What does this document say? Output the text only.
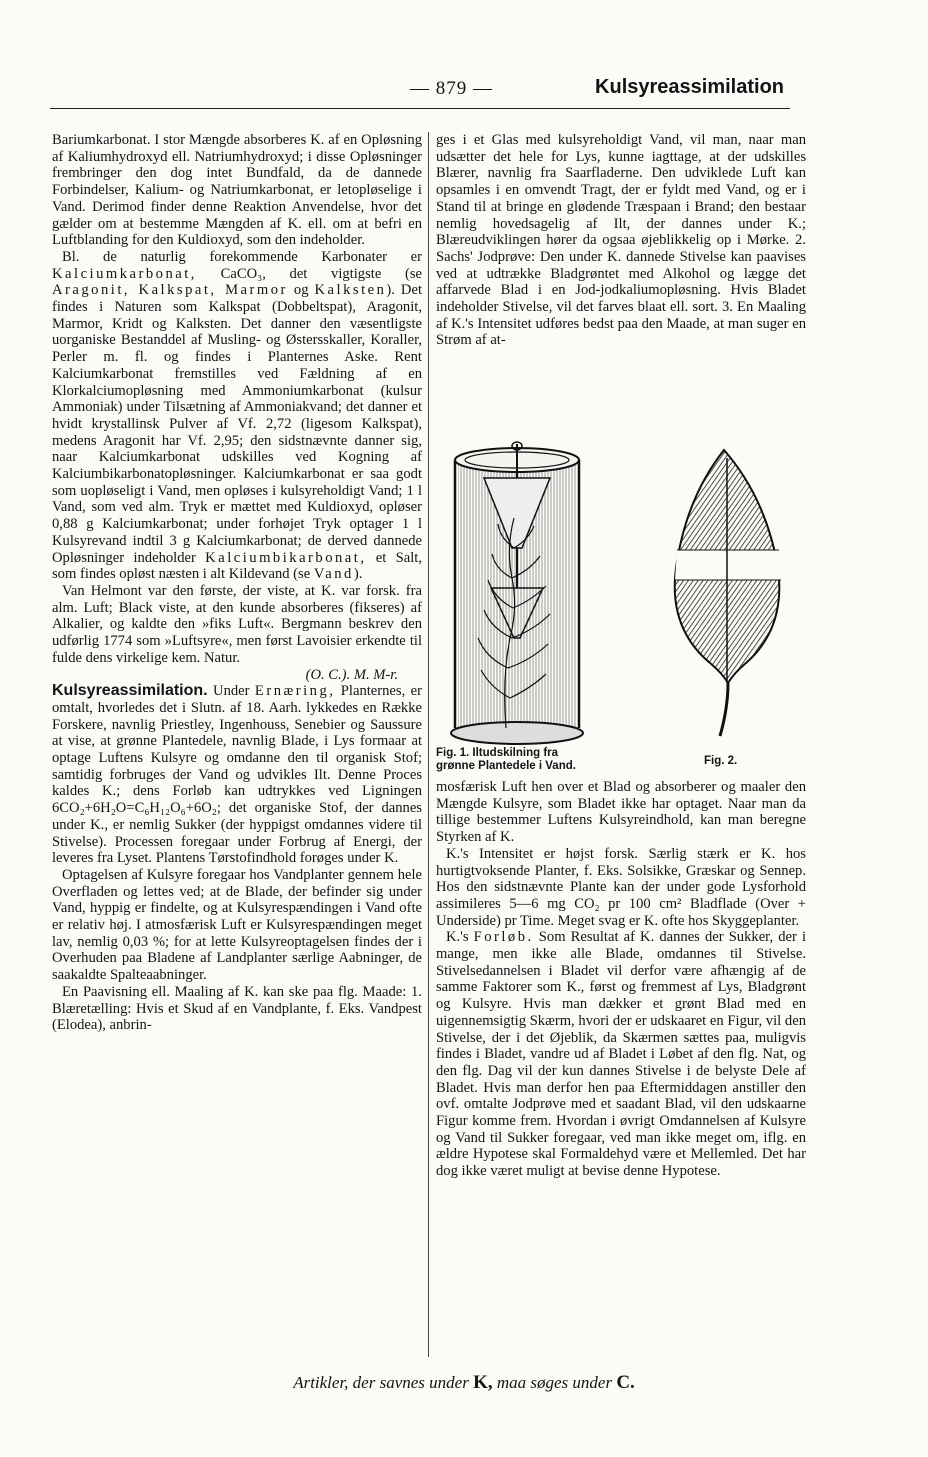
— 879 —	Kulsyreassimilation

Bariumkarbonat. I stor Mængde absorberes K. af en Opløsning af Kaliumhydroxyd ell. Natriumhydroxyd; i disse Opløsninger frembringer den dog intet Bundfald, da de dannede Forbindelser, Kalium- og Natriumkarbonat, er letopløselige i Vand. Derimod finder denne Reaktion Anvendelse, hvor det gælder om at bestemme Mængden af K. ell. om at befri en Luftblanding for den Kuldioxyd, som den indeholder.

Bl. de naturlig forekommende Karbonater er Kalciumkarbonat, CaCO₃, det vigtigste (se Aragonit, Kalkspat, Marmor og Kalksten). Det findes i Naturen som Kalkspat (Dobbeltspat), Aragonit, Marmor, Kridt og Kalksten. Det danner den væsentligste uorganiske Bestanddel af Musling- og Østersskaller, Koraller, Perler m. fl. og findes i Planternes Aske. Rent Kalciumkarbonat fremstilles ved Fældning af en Klorkalciumopløsning med Ammoniumkarbonat (kulsur Ammoniak) under Tilsætning af Ammoniakvand; det danner et hvidt krystallinsk Pulver af Vf. 2,72 (ligesom Kalkspat), medens Aragonit har Vf. 2,95; den sidstnævnte danner sig, naar Kalciumkarbonat udskilles ved Kogning af Kalciumbikarbonatopløsninger. Kalciumkarbonat er saa godt som uopløseligt i Vand, men opløses i kulsyreholdigt Vand; 1 l Vand, som ved alm. Tryk er mættet med Kuldioxyd, opløser 0,88 g Kalciumkarbonat; under forhøjet Tryk optager 1 l Kulsyrevand indtil 3 g Kalciumkarbonat; de derved dannede Opløsninger indeholder Kalciumbikarbonat, et Salt, som findes opløst næsten i alt Kildevand (se Vand).

Van Helmont var den første, der viste, at K. var forsk. fra alm. Luft; Black viste, at den kunde absorberes (fikseres) af Alkalier, og kaldte den »fiks Luft«. Bergmann beskrev den udførlig 1774 som »Luftsyre«, men først Lavoisier erkendte til fulde dens virkelige kem. Natur.

(O. C.). M. M-r.

Kulsyreassimilation. Under Ernæring, Planternes, er omtalt, hvorledes det i Slutn. af 18. Aarh. lykkedes en Række Forskere, navnlig Priestley, Ingenhouss, Senebier og Saussure at vise, at grønne Plantedele, navnlig Blade, i Lys formaar at optage Luftens Kulsyre og omdanne den til organisk Stof; samtidig forbruges der Vand og udvikles Ilt. Denne Proces kaldes K.; dens Forløb kan udtrykkes ved Ligningen 6CO₂+6H₂O=C₆H₁₂O₆+6O₂; det organiske Stof, der dannes under K., er nemlig Sukker (der hyppigst omdannes videre til Stivelse). Processen foregaar under Forbrug af Energi, der leveres fra Lyset. Plantens Tørstofindhold forøges under K.

Optagelsen af Kulsyre foregaar hos Vandplanter gennem hele Overfladen og lettes ved; at de Blade, der befinder sig under Vand, hyppig er findelte, og at Kulsyrespændingen i Vand ofte er relativ høj. I atmosfærisk Luft er Kulsyrespændingen meget lav, nemlig 0,03 %; for at lette Kulsyreoptagelsen findes der i Overhuden paa Bladene af Landplanter særlige Aabninger, de saakaldte Spalteaabninger.

En Paavisning ell. Maaling af K. kan ske paa flg. Maade: 1. Blæretælling: Hvis et Skud af en Vandplante, f. Eks. Vandpest (Elodea), anbrin-

ges i et Glas med kulsyreholdigt Vand, vil man, naar man udsætter det hele for Lys, kunne iagttage, at der udskilles Blærer, navnlig fra Saarfladerne. Den udviklede Luft kan opsamles i en omvendt Tragt, der er fyldt med Vand, og er i Stand til at bringe en glødende Træspaan i Brand; den bestaar nemlig hovedsagelig af Ilt, der dannes under K.; Blæreudviklingen hører da ogsaa øjeblikkelig op i Mørke. 2. Sachs' Jodprøve: Den under K. dannede Stivelse kan paavises ved at udtrække Bladgrøntet med Alkohol og lægge det affarvede Blad i en Jod-jodkaliumopløsning. Hvis Bladet indeholder Stivelse, vil det farves blaat ell. sort. 3. En Maaling af K.'s Intensitet udføres bedst paa den Maade, at man suger en Strøm af at-

Fig. 1. Iltudskilning fra
grønne Plantedele i Vand.	Fig. 2.

mosfærisk Luft hen over et Blad og absorberer og maaler den Mængde Kulsyre, som Bladet ikke har optaget. Naar man da tillige bestemmer Luftens Kulsyreindhold, kan man beregne Styrken af K.

K.'s Intensitet er højst forsk. Særlig stærk er K. hos hurtigtvoksende Planter, f. Eks. Solsikke, Græskar og Sennep. Hos den sidstnævnte Plante kan der under gode Lysforhold assimileres 5—6 mg CO₂ pr 100 cm² Bladflade (Over + Underside) pr Time. Meget svag er K. ofte hos Skyggeplanter.

K.'s Forløb. Som Resultat af K. dannes der Sukker, der i mange, men ikke alle Blade, omdannes til Stivelse. Stivelsedannelsen i Bladet vil derfor være afhængig af de samme Faktorer som K., først og fremmest af Lys, Bladgrønt og Kulsyre. Hvis man dækker et grønt Blad med en uigennemsigtig Skærm, hvori der er udskaaret en Figur, vil den Stivelse, der i det Øjeblik, da Skærmen sættes paa, muligvis findes i Bladet, vandre ud af Bladet i Løbet af den flg. Nat, og den flg. Dag vil der kun dannes Stivelse i de belyste Dele af Bladet. Hvis man derfor hen paa Eftermiddagen anstiller den ovf. omtalte Jodprøve med et saadant Blad, vil den udskaarne Figur komme frem. Hvordan i øvrigt Omdannelsen af Kulsyre og Vand til Sukker foregaar, ved man ikke meget om, iflg. en ældre Hypotese skal Formaldehyd være et Mellemled. Det har dog ikke været muligt at bevise denne Hypotese.

Artikler, der savnes under K, maa søges under C.
